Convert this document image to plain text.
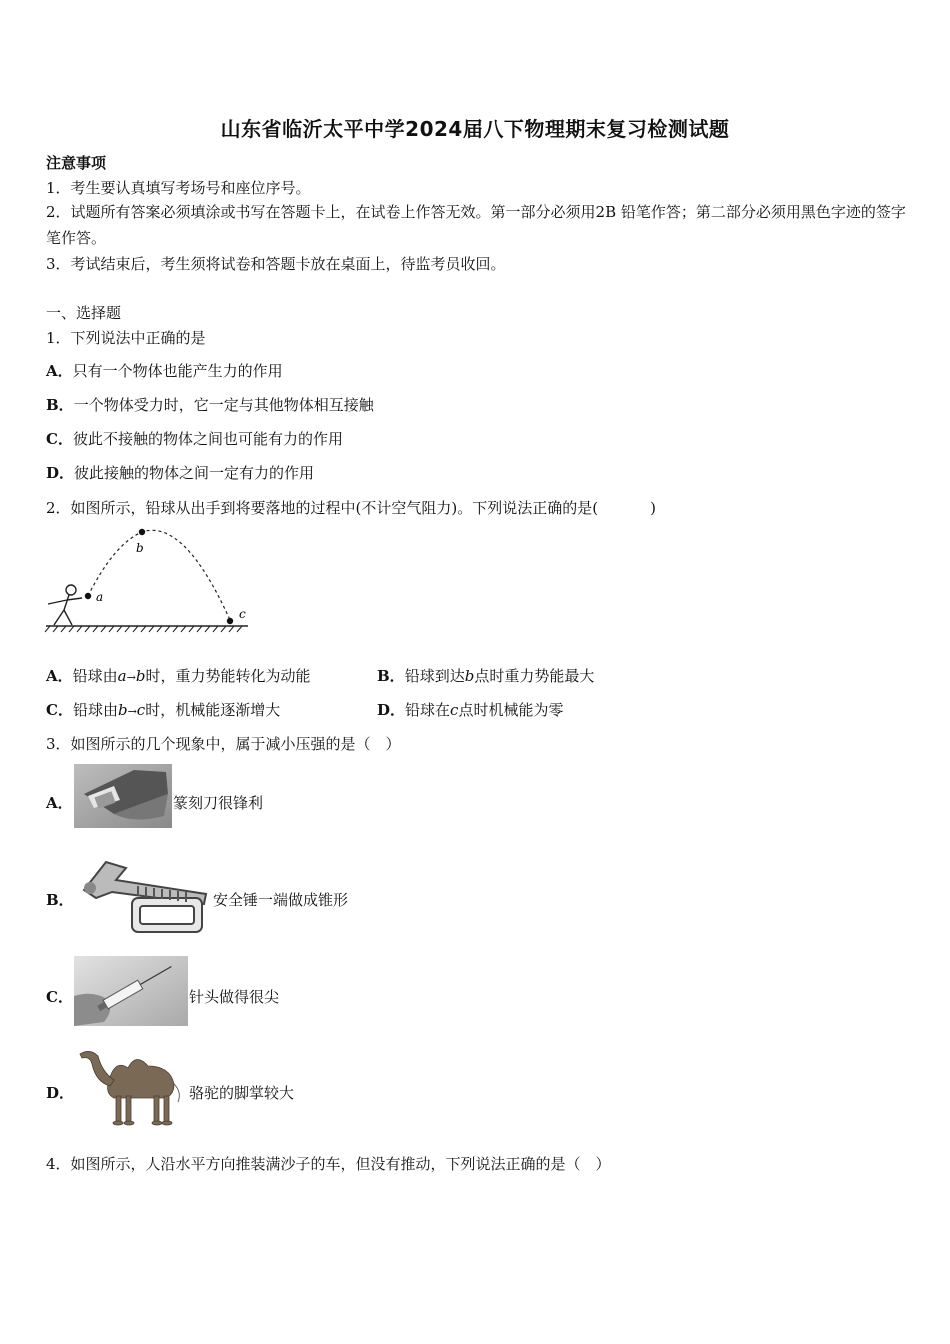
山东省临沂太平中学2024届八下物理期末复习检测试题
注意事项
1．考生要认真填写考场号和座位序号。
2．试题所有答案必须填涂或书写在答题卡上，在试卷上作答无效。第一部分必须用2B 铅笔作答；第二部分必须用黑色字迹的签字笔作答。
3．考试结束后，考生须将试卷和答题卡放在桌面上，待监考员收回。
一、选择题
1．下列说法中正确的是
A．只有一个物体也能产生力的作用
B．一个物体受力时，它一定与其他物体相互接触
C．彼此不接触的物体之间也可能有力的作用
D．彼此接触的物体之间一定有力的作用
2．如图所示，铅球从出手到将要落地的过程中(不计空气阻力)。下列说法正确的是(	)
a
b
c
A．铅球由a→b时，重力势能转化为动能	B．铅球到达b点时重力势能最大
C．铅球由b→c时，机械能逐渐增大	D．铅球在c点时机械能为零
3．如图所示的几个现象中，属于减小压强的是（　）
A．	篆刻刀很锋利
B．	安全锤一端做成锥形
C．	针头做得很尖
D．	骆驼的脚掌较大
4．如图所示，人沿水平方向推装满沙子的车，但没有推动，下列说法正确的是（　）
